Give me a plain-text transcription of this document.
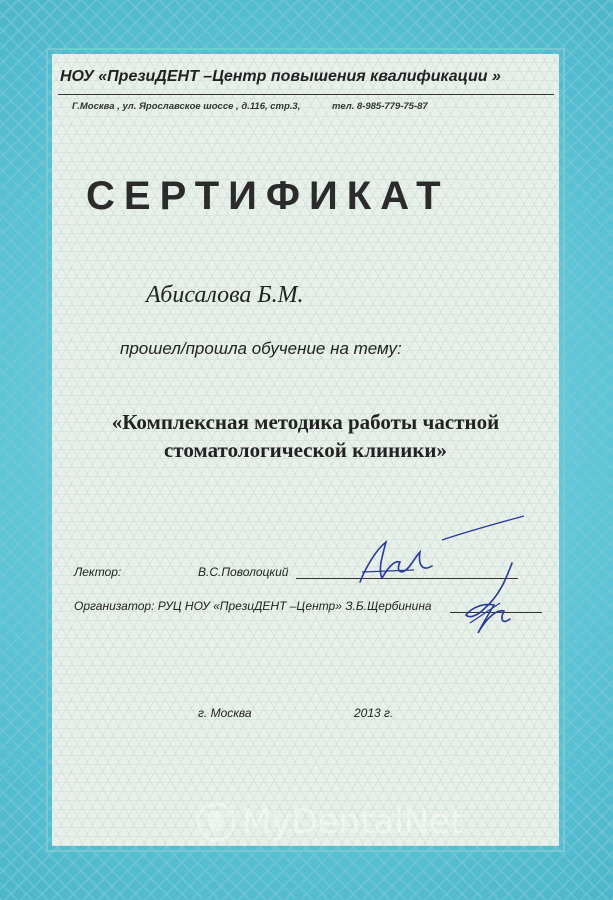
НОУ «ПрезиДЕНТ –Центр повышения квалификации »
Г.Москва , ул. Ярославское шоссе , д.116, стр.3,	тел. 8-985-779-75-87
СЕРТИФИКАТ
Абисалова Б.М.
прошел/прошла обучение на тему:
«Комплексная методика работы частной
стоматологической клиники»
Лектор:	В.С.Поволоцкий
Организатор: РУЦ НОУ «ПрезиДЕНТ –Центр» З.Б.Щербинина
г. Москва	2013 г.
MyDentalNet
